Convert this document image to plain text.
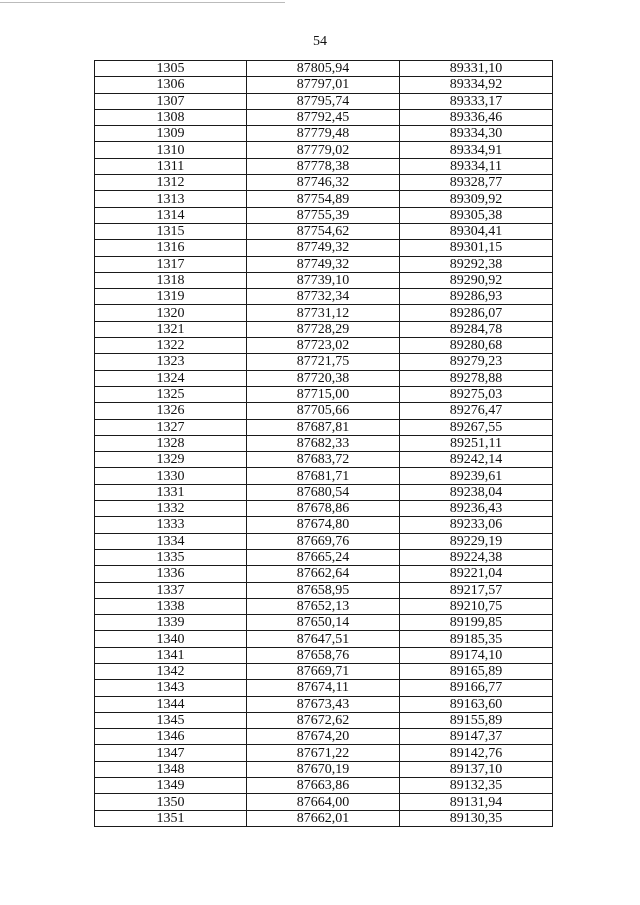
54
1305	87805,94	89331,10
1306	87797,01	89334,92
1307	87795,74	89333,17
1308	87792,45	89336,46
1309	87779,48	89334,30
1310	87779,02	89334,91
1311	87778,38	89334,11
1312	87746,32	89328,77
1313	87754,89	89309,92
1314	87755,39	89305,38
1315	87754,62	89304,41
1316	87749,32	89301,15
1317	87749,32	89292,38
1318	87739,10	89290,92
1319	87732,34	89286,93
1320	87731,12	89286,07
1321	87728,29	89284,78
1322	87723,02	89280,68
1323	87721,75	89279,23
1324	87720,38	89278,88
1325	87715,00	89275,03
1326	87705,66	89276,47
1327	87687,81	89267,55
1328	87682,33	89251,11
1329	87683,72	89242,14
1330	87681,71	89239,61
1331	87680,54	89238,04
1332	87678,86	89236,43
1333	87674,80	89233,06
1334	87669,76	89229,19
1335	87665,24	89224,38
1336	87662,64	89221,04
1337	87658,95	89217,57
1338	87652,13	89210,75
1339	87650,14	89199,85
1340	87647,51	89185,35
1341	87658,76	89174,10
1342	87669,71	89165,89
1343	87674,11	89166,77
1344	87673,43	89163,60
1345	87672,62	89155,89
1346	87674,20	89147,37
1347	87671,22	89142,76
1348	87670,19	89137,10
1349	87663,86	89132,35
1350	87664,00	89131,94
1351	87662,01	89130,35
